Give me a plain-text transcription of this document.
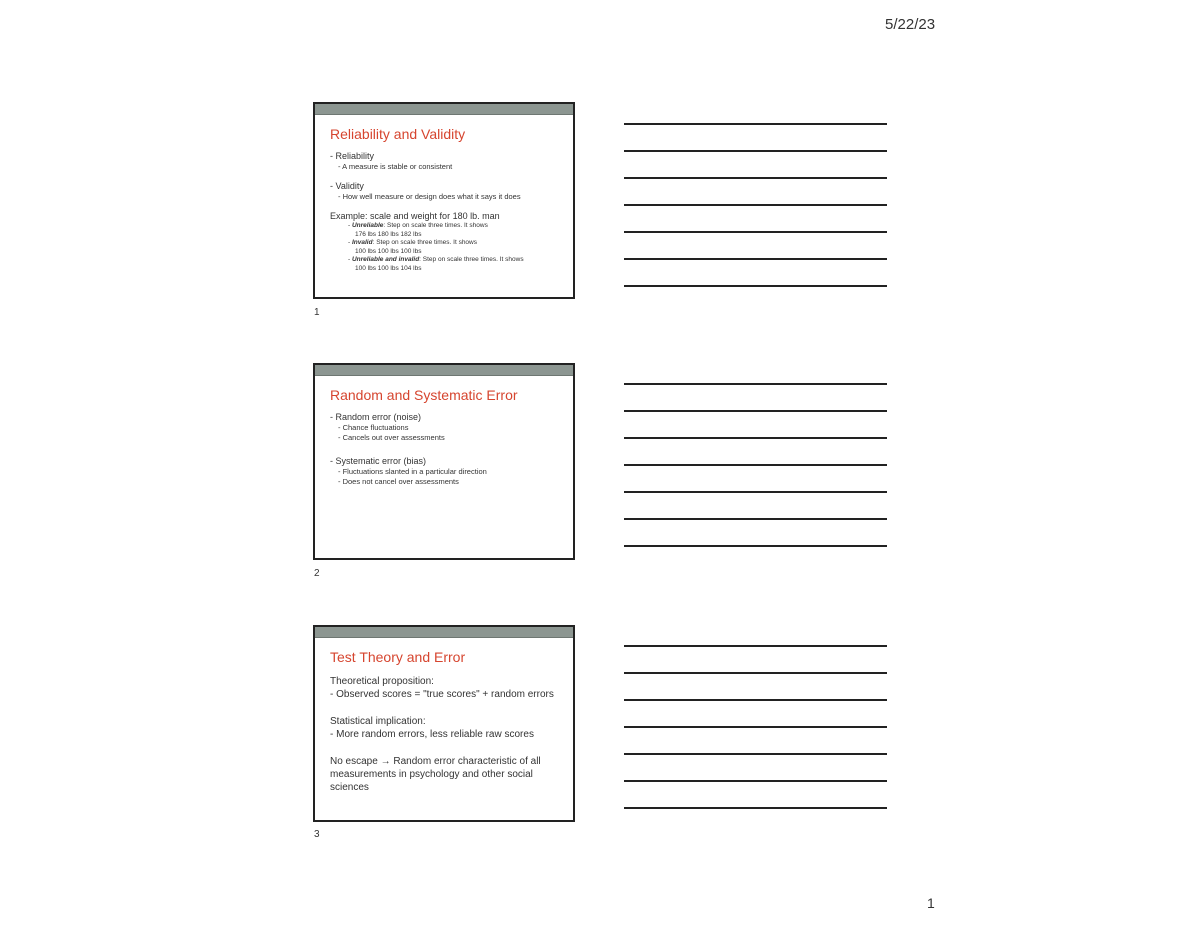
5/22/23
Reliability and Validity
- Reliability
- A measure is stable or consistent
- Validity
- How well measure or design does what it says it does
Example: scale and weight for 180 lb. man
- Unreliable: Step on scale three times. It shows
176 lbs 180 lbs 182 lbs
- Invalid: Step on scale three times. It shows
100 lbs 100 lbs 100 lbs
- Unreliable and invalid: Step on scale three times. It shows
100 lbs 100 lbs 104 lbs
1
Random and Systematic Error
- Random error (noise)
- Chance fluctuations
- Cancels out over assessments
- Systematic error (bias)
- Fluctuations slanted in a particular direction
- Does not cancel over assessments
2
Test Theory and Error
Theoretical proposition:
- Observed scores = "true scores" + random errors
Statistical implication:
- More random errors, less reliable raw scores
No escape → Random error characteristic of all measurements in psychology and other social sciences
3
1
